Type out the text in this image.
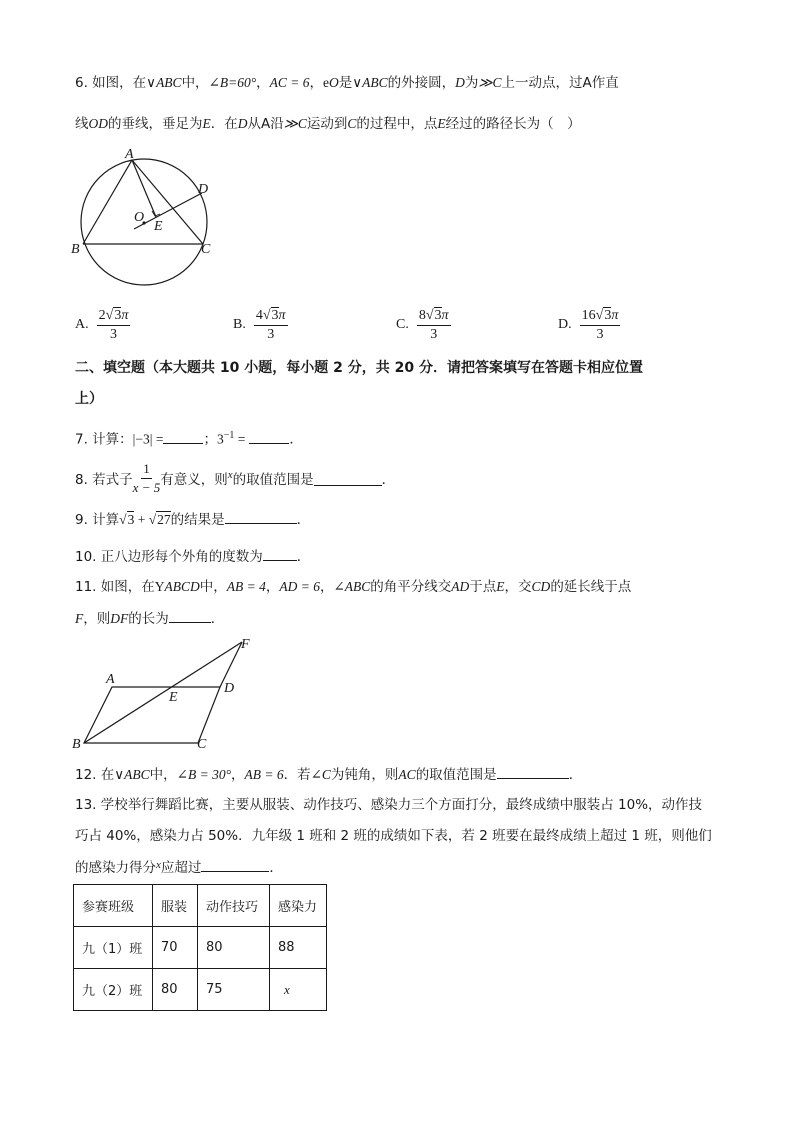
6. 如图，在∨ABC中，∠B=60°，AC = 6，eO是∨ABC的外接圆，D为≫C上一动点，过A作直
线OD的垂线，垂足为E．在D从A沿≫C运动到C的过程中，点E经过的路径长为（　）
A
B	C
D
O
E
A. $\frac{2√3\pi}{3}$	B. $\frac{4√3\pi}{3}$	C. $\frac{8√3\pi}{3}$	D. $\frac{16√3\pi}{3}$
二、填空题（本大题共 10 小题，每小题 2 分，共 20 分．请把答案填写在答题卡相应位置
上）
7. 计算：|−3| =	；$3^{-1}$ =	．
8. 若式子 $\frac{1}{x - 5}$ 有意义，则 x 的取值范围是	．
9. 计算√3 + √27的结果是	．
10. 正八边形每个外角的度数为	．
11. 如图，在YABCD中，AB = 4，AD = 6，∠ABC的角平分线交AD于点E，交CD的延长线于点
F，则DF的长为	．
A
B	C
D
E
F
12. 在∨ABC中，∠B = 30°，AB = 6．若∠C为钝角，则AC的取值范围是	．
13. 学校举行舞蹈比赛，主要从服装、动作技巧、感染力三个方面打分，最终成绩中服装占 10%，动作技
巧占 40%，感染力占 50%．九年级 1 班和 2 班的成绩如下表，若 2 班要在最终成绩上超过 1 班，则他们
的感染力得分$^x$应超过	．
参赛班级	服装	动作技巧	感染力
九（1）班	70	80	88
九（2）班	80	75	x
